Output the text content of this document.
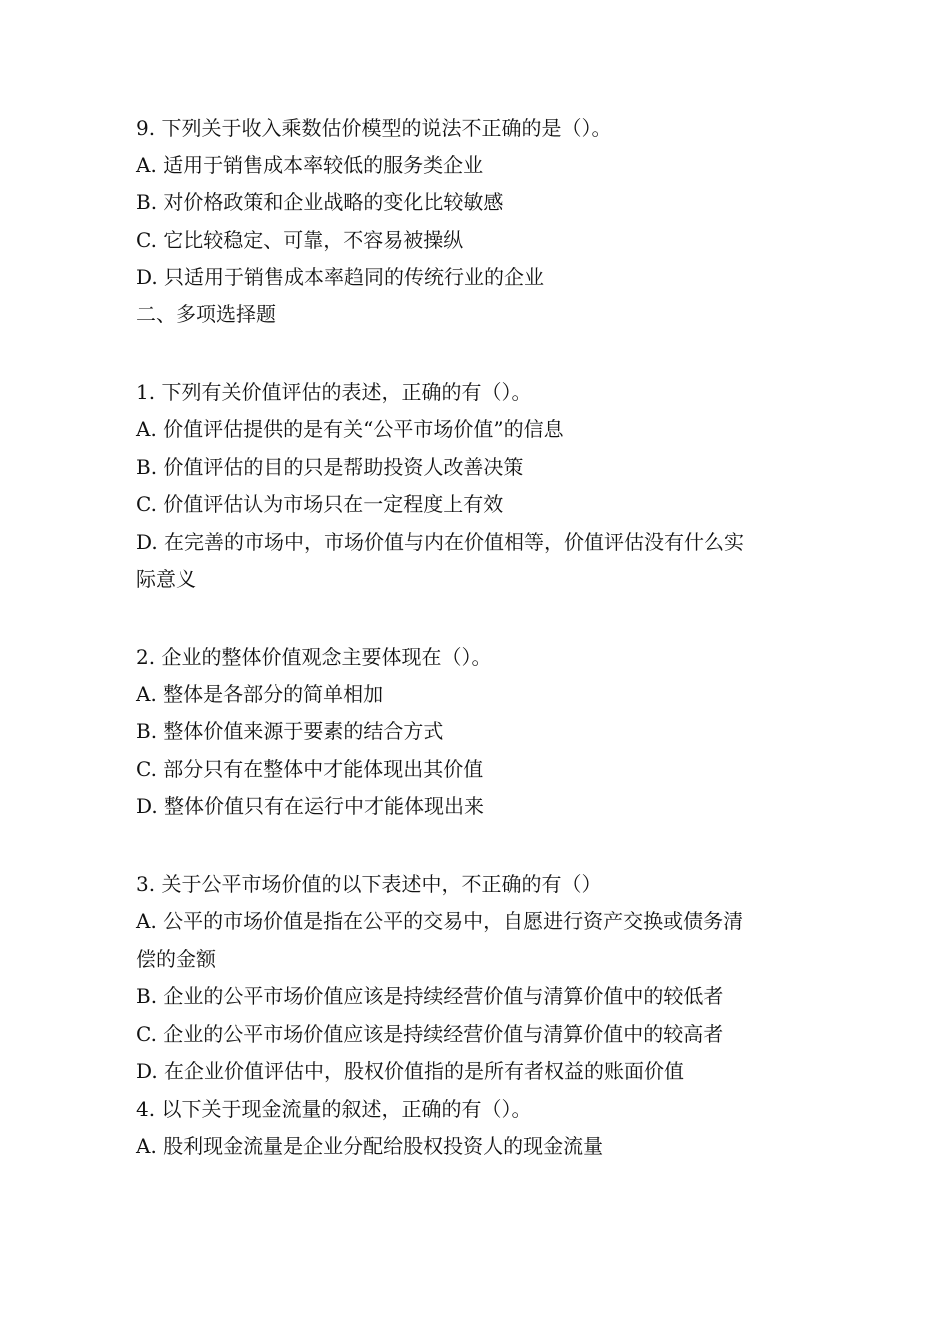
9. 下列关于收入乘数估价模型的说法不正确的是（）。
A. 适用于销售成本率较低的服务类企业
B. 对价格政策和企业战略的变化比较敏感
C. 它比较稳定、可靠，不容易被操纵
D. 只适用于销售成本率趋同的传统行业的企业
二、多项选择题
1. 下列有关价值评估的表述，正确的有（）。
A. 价值评估提供的是有关“公平市场价值”的信息
B. 价值评估的目的只是帮助投资人改善决策
C. 价值评估认为市场只在一定程度上有效
D. 在完善的市场中，市场价值与内在价值相等，价值评估没有什么实
际意义
2. 企业的整体价值观念主要体现在（）。
A. 整体是各部分的简单相加
B. 整体价值来源于要素的结合方式
C. 部分只有在整体中才能体现出其价值
D. 整体价值只有在运行中才能体现出来
3. 关于公平市场价值的以下表述中，不正确的有（）
A. 公平的市场价值是指在公平的交易中，自愿进行资产交换或债务清
偿的金额
B. 企业的公平市场价值应该是持续经营价值与清算价值中的较低者
C. 企业的公平市场价值应该是持续经营价值与清算价值中的较高者
D. 在企业价值评估中，股权价值指的是所有者权益的账面价值
4. 以下关于现金流量的叙述，正确的有（）。
A. 股利现金流量是企业分配给股权投资人的现金流量
